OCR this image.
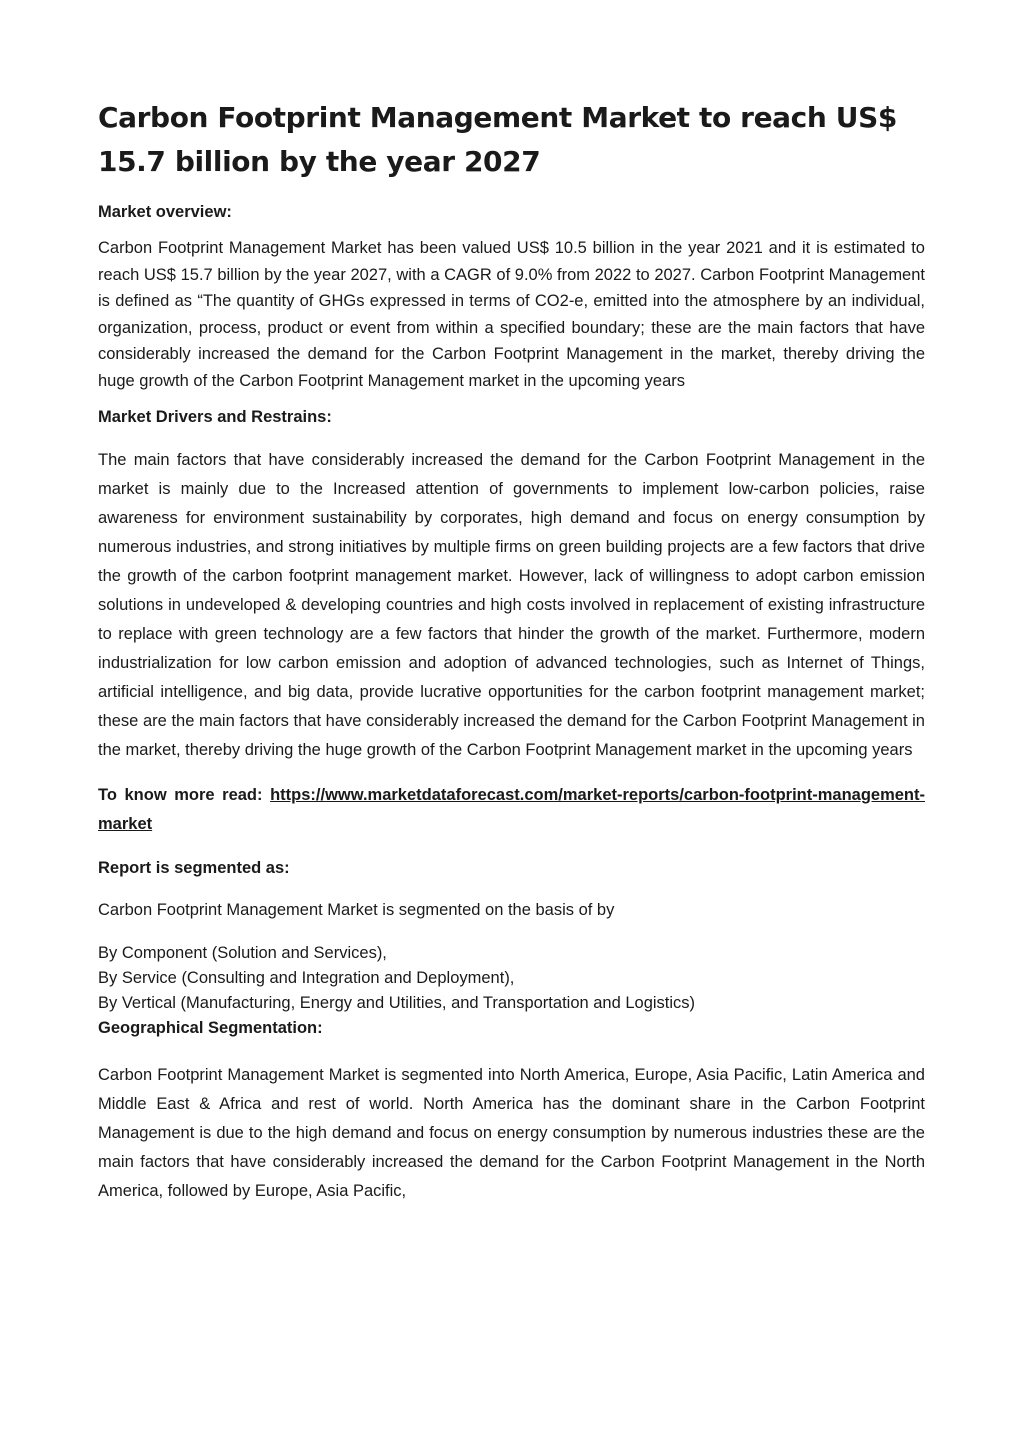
Carbon Footprint Management Market to reach US$ 15.7 billion by the year 2027
Market overview:

Carbon Footprint Management Market has been valued US$ 10.5 billion in the year 2021 and it is estimated to reach US$ 15.7 billion by the year 2027, with a CAGR of 9.0% from 2022 to 2027. Carbon Footprint Management is defined as “The quantity of GHGs expressed in terms of CO2-e, emitted into the atmosphere by an individual, organization, process, product or event from within a specified boundary; these are the main factors that have considerably increased the demand for the Carbon Footprint Management in the market, thereby driving the huge growth of the Carbon Footprint Management market in the upcoming years

Market Drivers and Restrains:

The main factors that have considerably increased the demand for the Carbon Footprint Management in the market is mainly due to the Increased attention of governments to implement low-carbon policies, raise awareness for environment sustainability by corporates, high demand and focus on energy consumption by numerous industries, and strong initiatives by multiple firms on green building projects are a few factors that drive the growth of the carbon footprint management market. However, lack of willingness to adopt carbon emission solutions in undeveloped & developing countries and high costs involved in replacement of existing infrastructure to replace with green technology are a few factors that hinder the growth of the market. Furthermore, modern industrialization for low carbon emission and adoption of advanced technologies, such as Internet of Things, artificial intelligence, and big data, provide lucrative opportunities for the carbon footprint management market; these are the main factors that have considerably increased the demand for the Carbon Footprint Management in the market, thereby driving the huge growth of the Carbon Footprint Management market in the upcoming years

To know more read: https://www.marketdataforecast.com/market-reports/carbon-footprint-management-market

Report is segmented as:
Carbon Footprint Management Market is segmented on the basis of by
By Component (Solution and Services),
By Service (Consulting and Integration and Deployment),
By Vertical (Manufacturing, Energy and Utilities, and Transportation and Logistics)
Geographical Segmentation:

Carbon Footprint Management Market is segmented into North America, Europe, Asia Pacific, Latin America and Middle East & Africa and rest of world. North America has the dominant share in the Carbon Footprint Management is due to the high demand and focus on energy consumption by numerous industries these are the main factors that have considerably increased the demand for the Carbon Footprint Management in the North America, followed by Europe, Asia Pacific,
